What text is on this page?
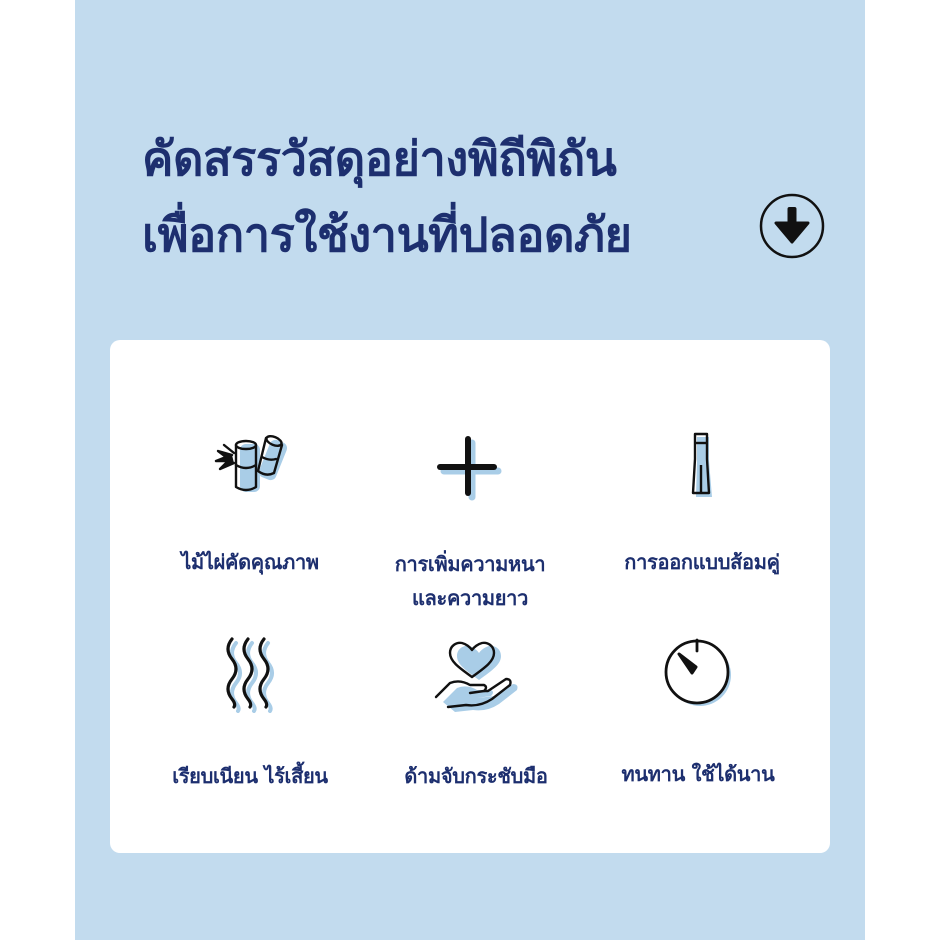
คัดสรรวัสดุอย่างพิถีพิถัน
เพื่อการใช้งานที่ปลอดภัย
ไม้ไผ่คัดคุณภาพ	การเพิ่มความหนา
และความยาว
การออกแบบส้อมคู่
เรียบเนียน ไร้เสี้ยน	ด้ามจับกระชับมือ	ทนทาน ใช้ได้นาน
